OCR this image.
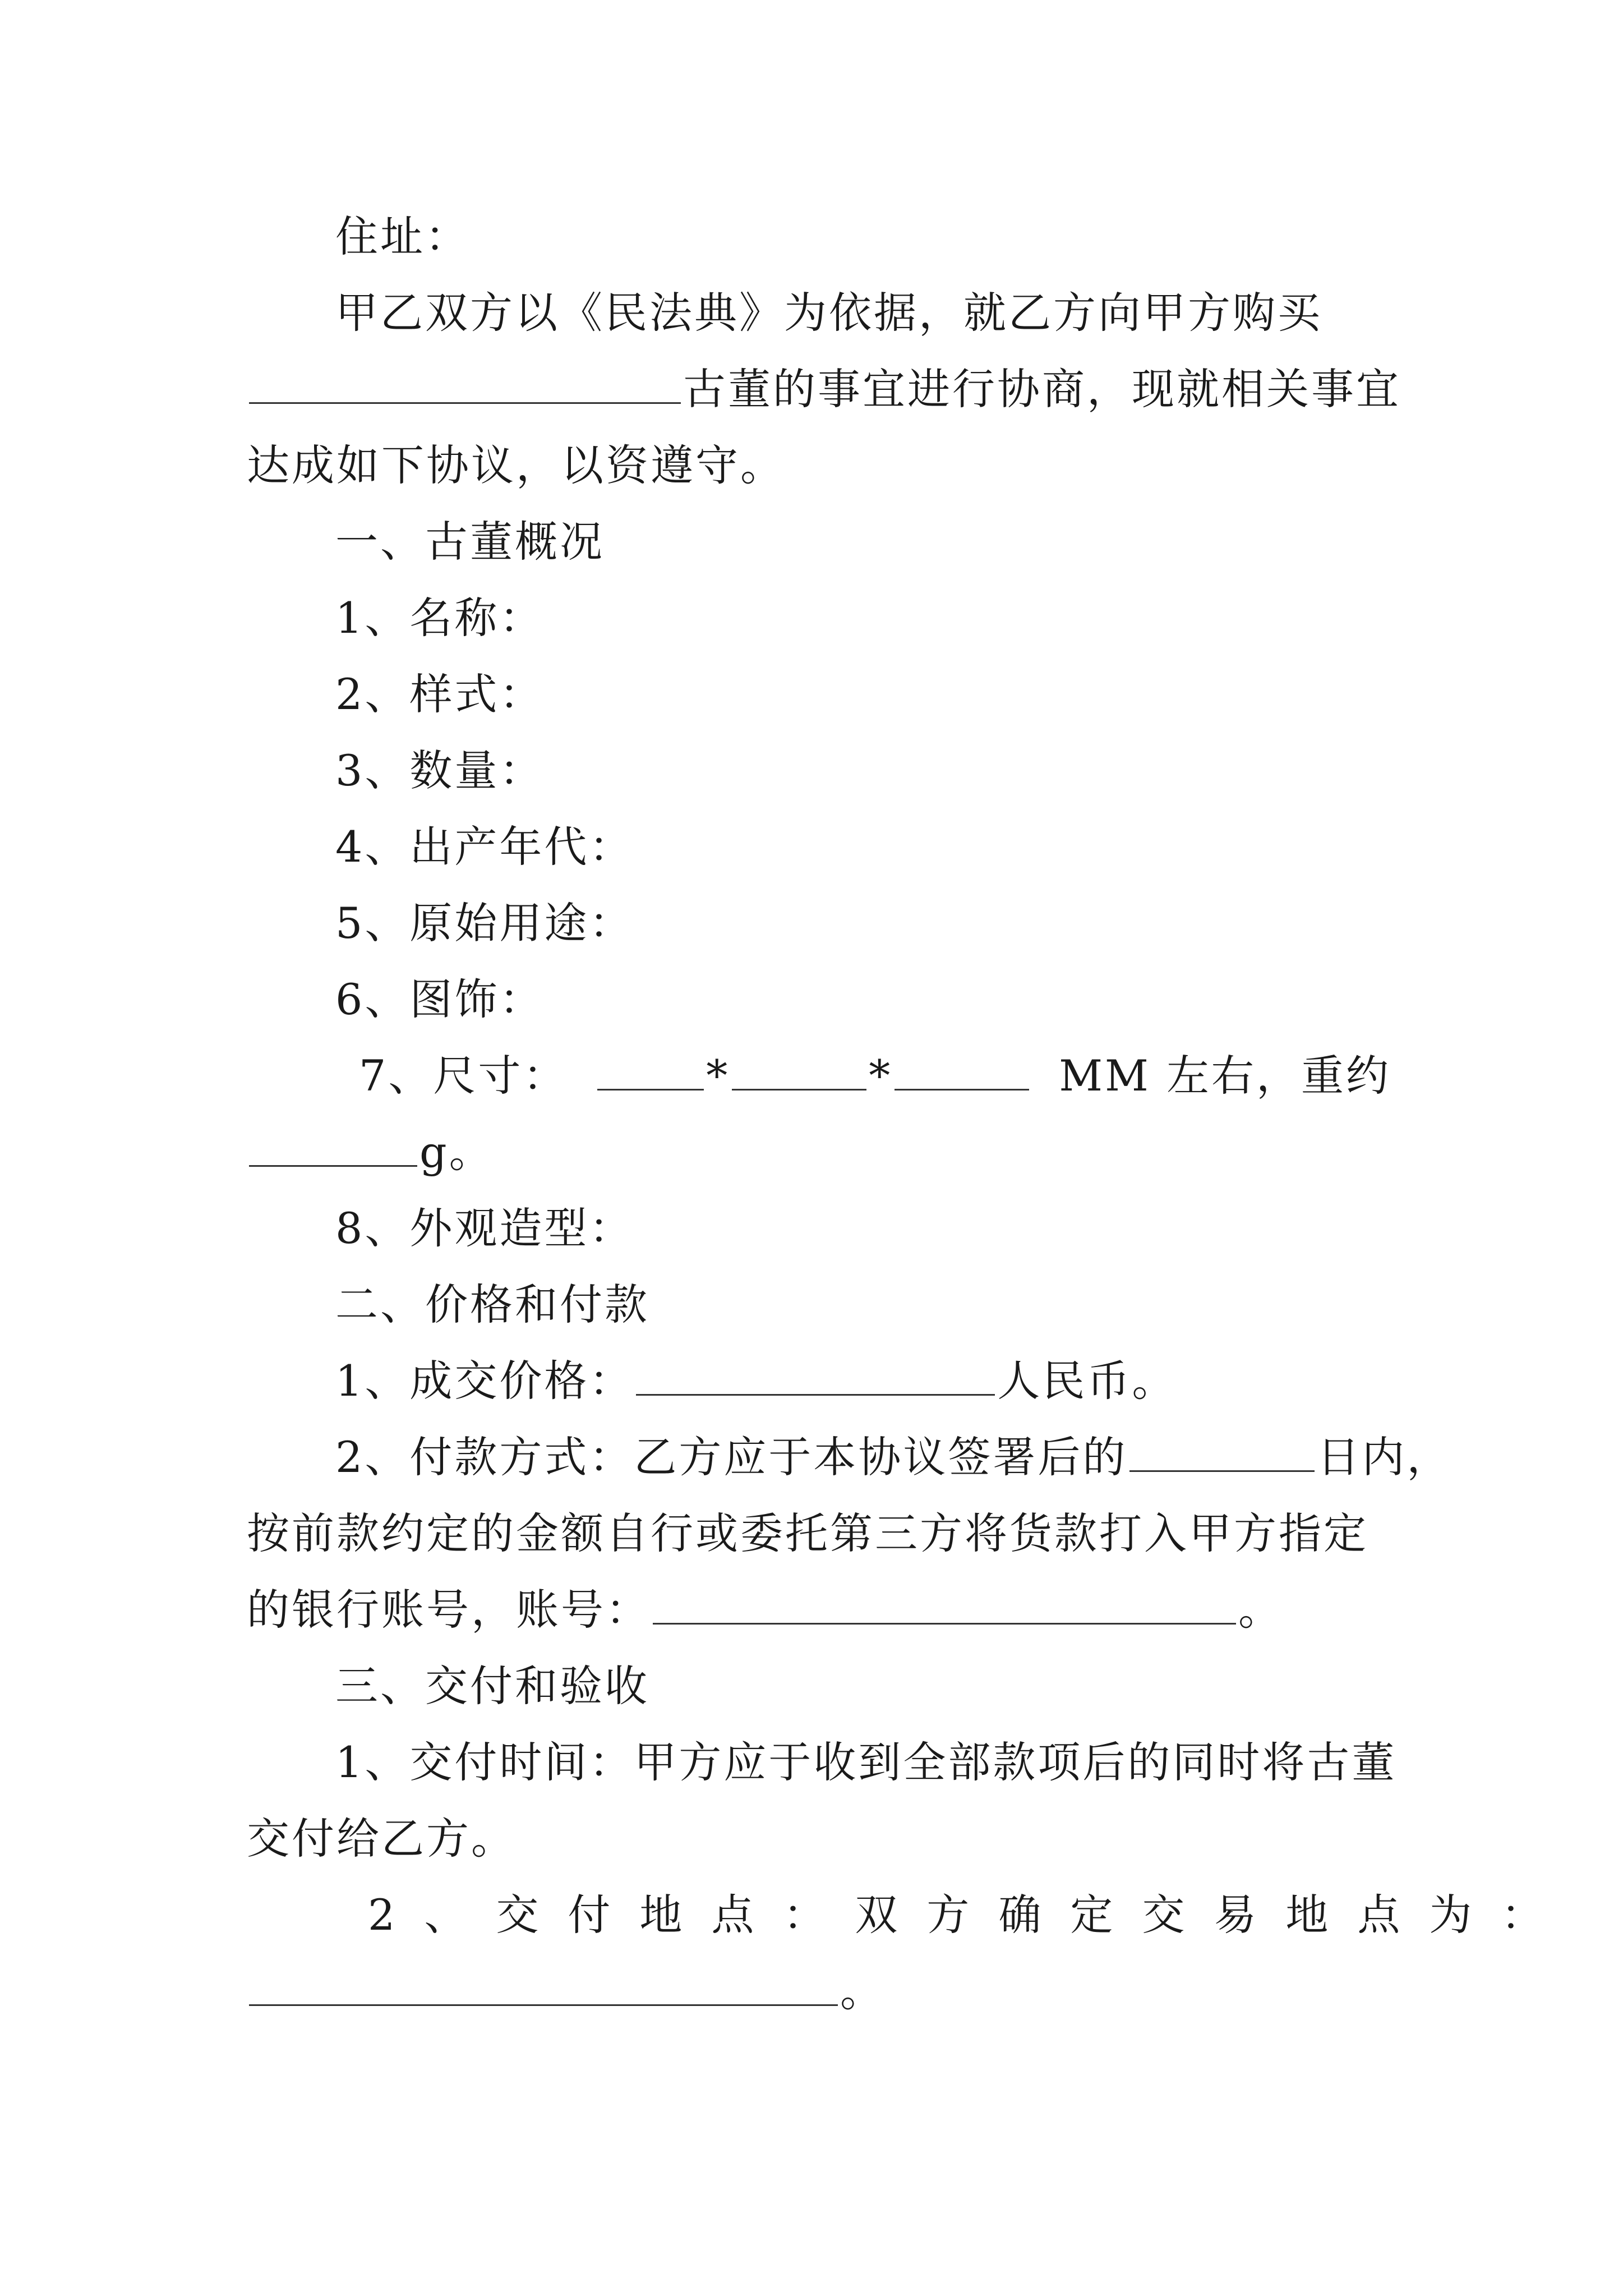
住址：
甲乙双方以《民法典》为依据，就乙方向甲方购买
古董的事宜进行协商，现就相关事宜
达成如下协议，以资遵守。
一、古董概况
1、名称：
2、样式：
3、数量：
4、出产年代：
5、原始用途：
6、图饰：
7、尺寸：	*	*	MM 左右，重约
g。
8、外观造型：
二、价格和付款
1、成交价格：	人民币。
2、付款方式：乙方应于本协议签署后的	日内，
按前款约定的金额自行或委托第三方将货款打入甲方指定
的银行账号，账号：	。
三、交付和验收
1、交付时间：甲方应于收到全部款项后的同时将古董
交付给乙方。
2、交付地点：双方确定交易地点为：
。
